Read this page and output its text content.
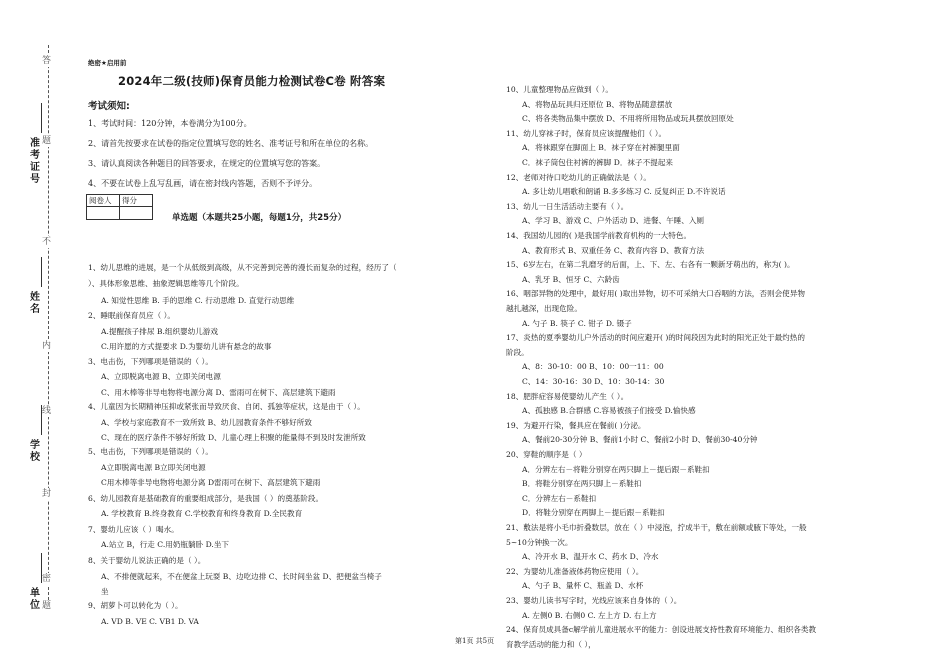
准考证号
姓名
学校
单位
答
题
不
内
线
封
密
题
绝密★启用前
2024年二级(技师)保育员能力检测试卷C卷 附答案
考试须知:
1、考试时间：120分钟，本卷满分为100分。
2、请首先按要求在试卷的指定位置填写您的姓名、准考证号和所在单位的名称。
3、请认真阅读各种题目的回答要求，在规定的位置填写您的答案。
4、不要在试卷上乱写乱画，请在密封线内答题，否则不予评分。
阅卷人	得分

单选题（本题共25小题，每题1分，共25分）
1、幼儿思维的进展，是一个从低级到高级，从不完善到完善的漫长而复杂的过程，经历了（
）、具体形象思维、抽象逻辑思维等几个阶段。
A. 知觉性思维 B. 手的思维 C. 行动思维 D. 直觉行动思维
2、睡眠前保育员应（ ）。
A.提醒孩子排尿 B.组织婴幼儿游戏
C.用许愿的方式提要求 D.为婴幼儿讲有悬念的故事
3、电击伤，下列哪项是错误的（ ）。
A、立即脱离电源 B、立即关闭电源
C、用木棒等非导电物将电源分离 D、雷雨可在树下、高层建筑下避雨
4、儿童因为长期精神压抑或紧张而导致厌食、自闭、孤独等症状，这是由于（ ）。
A、学校与家庭教育不一致所致 B、幼儿园教育条件不够好所致
C、现在的医疗条件不够好所致 D、儿童心理上积聚的能量得不到及时发泄所致
5、电击伤，下列哪项是错误的（ ）。
A立即脱离电源 B立即关闭电源
C用木棒等非导电物将电源分离 D雷雨可在树下、高层建筑下避雨
6、幼儿园教育是基础教育的重要组成部分，是我国（ ）的奠基阶段。
A. 学校教育 B.终身教育 C.学校教育和终身教育 D.全民教育
7、婴幼儿应该（ ）喝水。
A.站立 B，行走 C.用奶瓶躺卧 D.坐下
8、关于婴幼儿说法正确的是（ ）。
A、不排便就起来，不在便盆上玩耍 B、边吃边排 C、长时间坐盆 D、把便盆当椅子
坐
9、胡萝卜可以转化为（ ）。
A. VD B. VE C. VB1 D. VA
10、儿童整理物品应做到（ ）。
A、将物品玩具归还原位 B、将物品随意摆放
C、将各类物品集中摆放 D、不用将所用物品或玩具摆放回原处
11、幼儿穿袜子时，保育员应该提醒他们（ ）。
A．将袜跟穿在脚面上 B．袜子穿在衬裤腿里面
C．袜子筒包住衬裤的裤脚 D．袜子不提起来
12、老师对待口吃幼儿的正确做法是（ ）。
A. 多让幼儿唱歌和朗诵 B.多多练习 C. 反复纠正 D.不许说话
13、幼儿一日生活活动主要有（ ）。
A、学习 B、游戏 C、户外活动 D、进餐、午睡、入厕
14、我国幼儿园的( )是我国学前教育机构的一大特色。
A、教育形式 B、双重任务 C、教育内容 D、教育方法
15、6岁左右，在第二乳磨牙的后面，上、下、左、右各有一颗新牙萌出的，称为( )。
A、乳牙 B、恒牙 C、六龄齿
16、咽部异物的处理中，最好用( )取出异物，切不可采纳大口吞咽的方法，否则会使异物
越扎越深，出现危险。
A. 勺子 B. 筷子 C. 钳子 D. 镊子
17、炎热的夏季婴幼儿户外活动的时间应避开( )的时间段因为此时的阳光正处于最灼热的
阶段。
A、8：30-10：00 B、10：00一11：00
C、14：30-16：30 D、10：30-14：30
18、肥胖症容易使婴幼儿产生（ ）。
A、孤独感 B.合群感 C.容易被孩子们接受 D.愉快感
19、为避开行染，餐具应在餐前( )分泌。
A、餐前20-30分钟 B、餐前1小时 C、餐前2小时 D、餐前30-40分钟
20、穿鞋的顺序是（ ）
A．分辨左右－将鞋分别穿在两只脚上－提后跟－系鞋扣
B．将鞋分别穿在两只脚上－系鞋扣
C．分辨左右－系鞋扣
D．将鞋分别穿在两脚上－提后跟－系鞋扣
21、敷法是将小毛巾折叠数层，放在（ ）中浸泡，拧成半干，敷在前额或腋下等处，一般
5~10分钟换一次。
A、冷开水 B、温开水 C、药水 D、冷水
22、为婴幼儿准备液体药物应使用（ ）。
A、勺子 B、量杯 C、瓶盖 D、水杯
23、婴幼儿读书写字时，光线应该来自身体的（ ）。
A. 左侧0 B. 右侧0 C. 左上方 D. 右上方
24、保育员成具备c解学前儿童进展水平的能力：创设进展支持性教育环境能力、组织各类教
育教学活动的能力和（ ），
第1页 共5页
